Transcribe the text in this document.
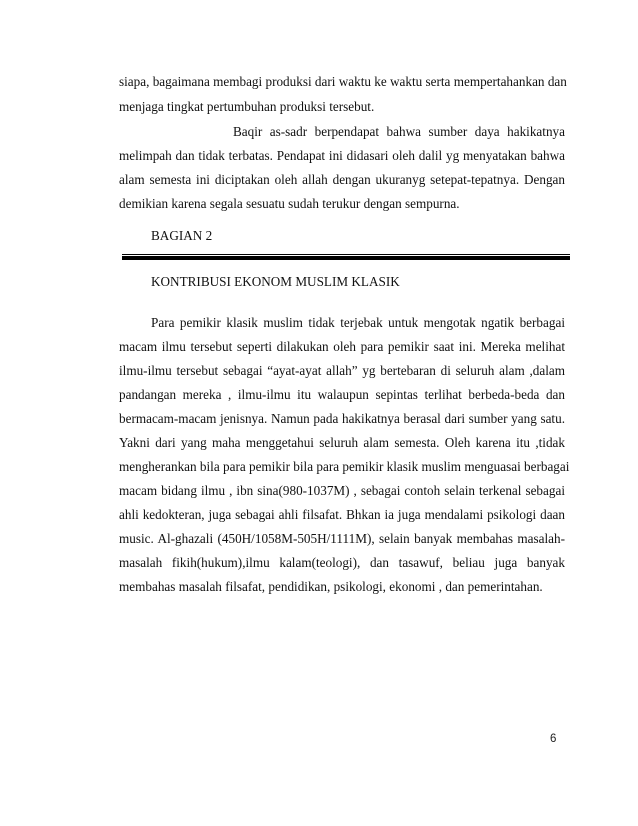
siapa, bagaimana membagi produksi dari waktu ke waktu serta mempertahankan dan
menjaga tingkat pertumbuhan produksi tersebut.
Baqir as-sadr berpendapat bahwa sumber daya hakikatnya
melimpah dan tidak terbatas. Pendapat ini didasari oleh dalil yg menyatakan bahwa
alam semesta ini diciptakan oleh allah dengan ukuranyg setepat-tepatnya. Dengan
demikian karena segala sesuatu sudah terukur dengan sempurna.
BAGIAN 2
KONTRIBUSI EKONOM MUSLIM KLASIK
Para pemikir klasik muslim tidak terjebak untuk mengotak ngatik berbagai
macam ilmu tersebut seperti dilakukan oleh para pemikir saat ini. Mereka melihat
ilmu-ilmu tersebut sebagai “ayat-ayat allah” yg bertebaran di seluruh alam ,dalam
pandangan mereka , ilmu-ilmu itu walaupun sepintas terlihat berbeda-beda dan
bermacam-macam jenisnya. Namun pada hakikatnya berasal dari sumber yang satu.
Yakni dari yang maha menggetahui seluruh alam semesta. Oleh karena itu ,tidak
mengherankan bila para pemikir bila para pemikir klasik muslim menguasai berbagai
macam bidang ilmu , ibn sina(980-1037M) , sebagai contoh selain terkenal sebagai
ahli kedokteran, juga sebagai ahli filsafat. Bhkan ia juga mendalami psikologi daan
music. Al-ghazali (450H/1058M-505H/1111M), selain banyak membahas masalah-
masalah fikih(hukum),ilmu kalam(teologi), dan tasawuf, beliau juga banyak
membahas masalah filsafat, pendidikan, psikologi, ekonomi , dan pemerintahan.
6
